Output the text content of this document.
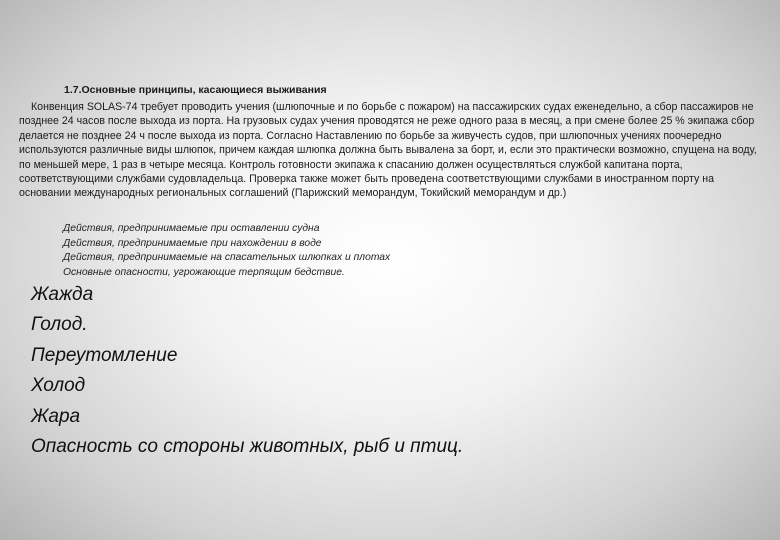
1.7.Основные принципы, касающиеся выживания

Конвенция SOLAS-74 требует проводить учения (шлюпочные и по борьбе с пожаром) на пассажирских судах еженедельно, а сбор пассажиров не позднее 24 часов после выхода из порта. На грузовых судах учения проводятся не реже одного раза в месяц, а при смене более 25 % экипажа сбор делается не позднее 24 ч после выхода из порта. Согласно Наставлению по борьбе за живучесть судов, при шлюпочных учениях поочередно используются различные виды шлюпок, причем каждая шлюпка должна быть вывалена за борт, и, если это практически возможно, спущена на воду, по меньшей мере, 1 раз в четыре месяца. Контроль готовности экипажа к спасанию должен осуществляться службой капитана порта, соответствующими службами судовладельца. Проверка также может быть проведена соответствующими службами в иностранном порту на основании международных региональных соглашений (Парижский меморандум, Токийский меморандум и др.)

Действия, предпринимаемые при оставлении судна
Действия, предпринимаемые при нахождении в воде
Действия, предпринимаемые на спасательных шлюпках и плотах
Основные опасности, угрожающие терпящим бедствие.
Жажда
Голод.
Переутомление
Холод
Жара
Опасность со стороны животных, рыб и птиц.
